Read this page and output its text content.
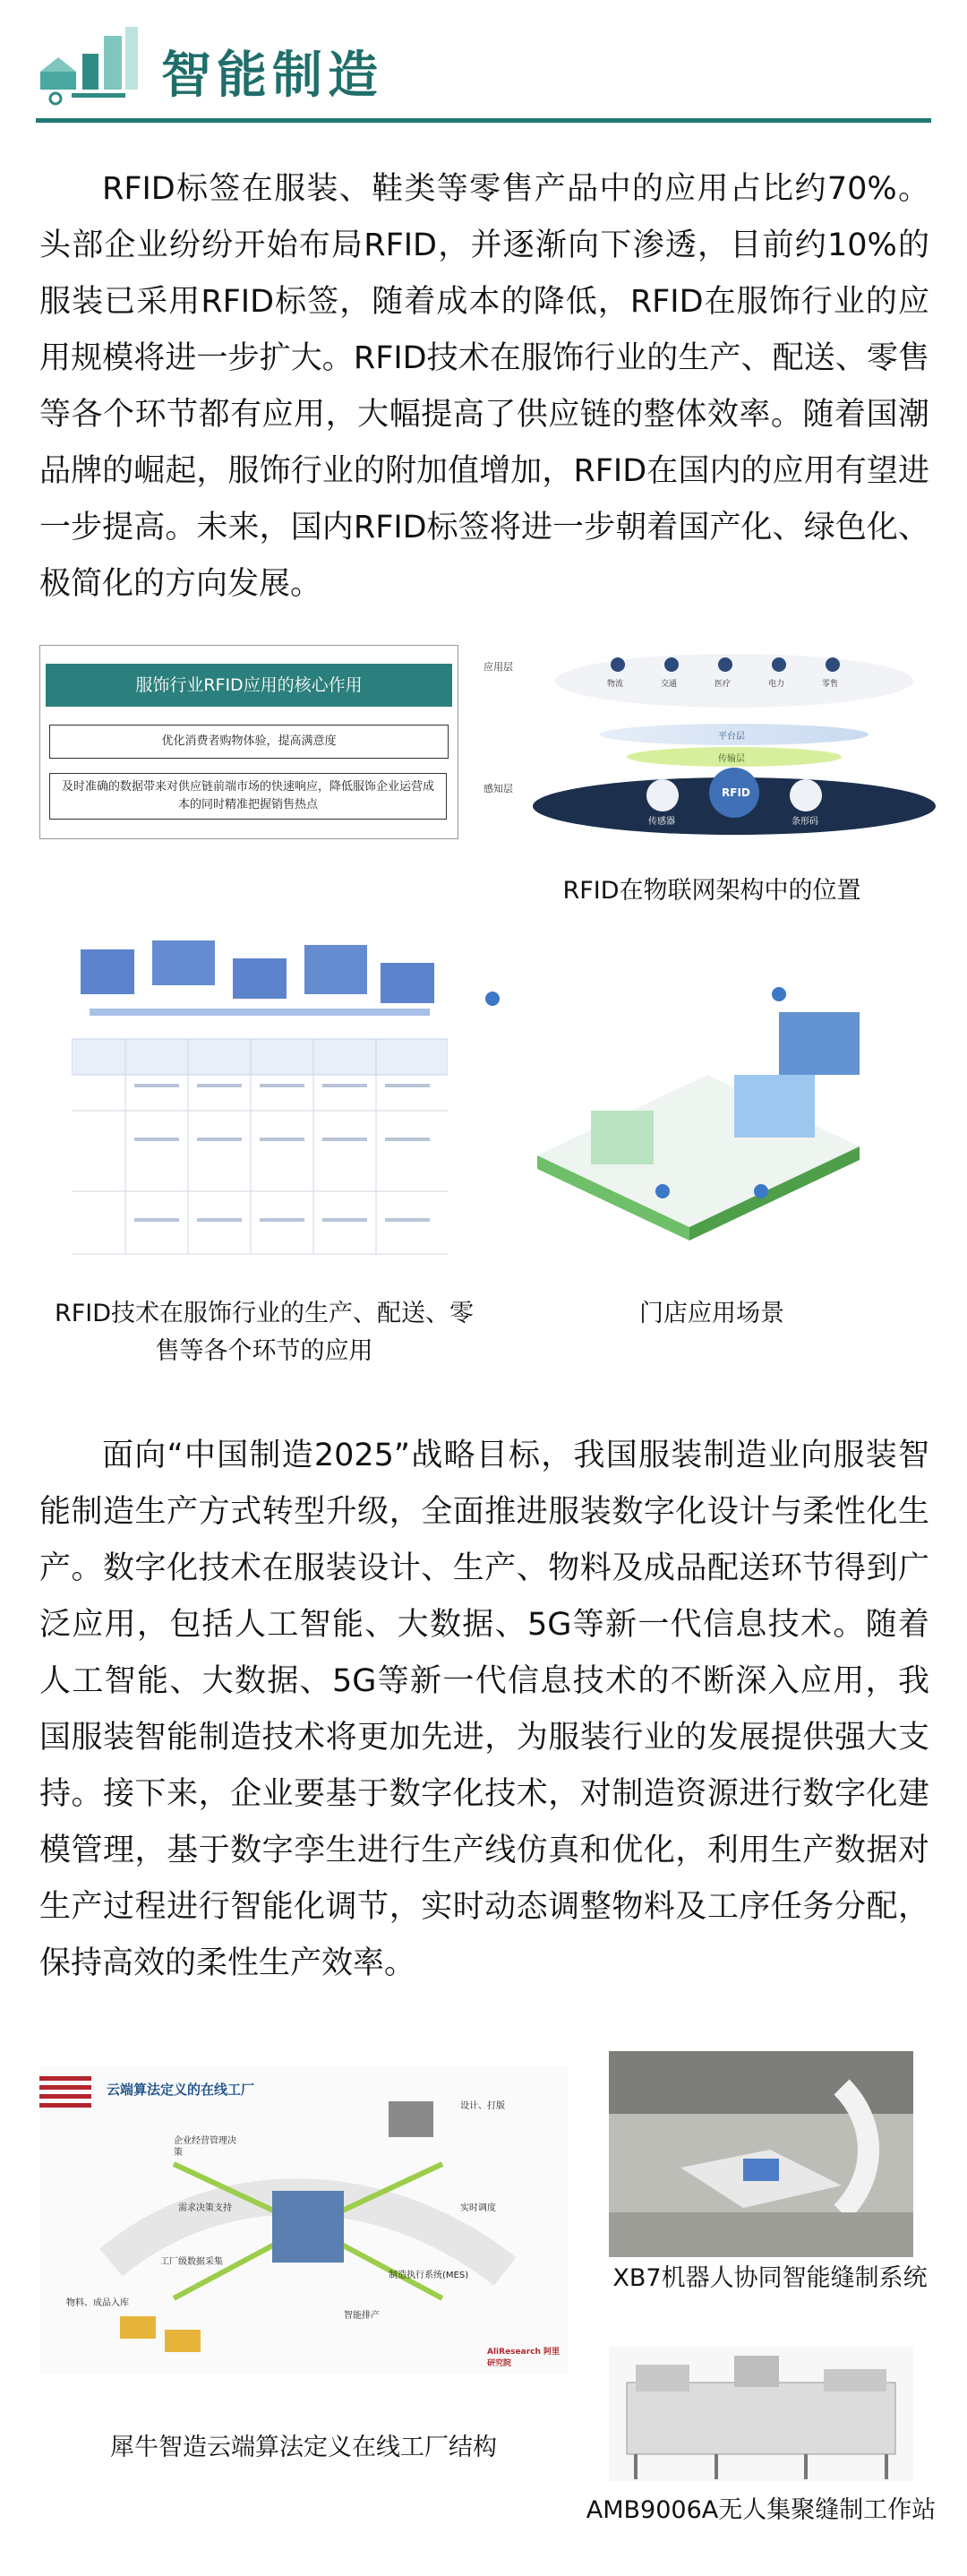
智能制造

RFID标签在服装、鞋类等零售产品中的应用占比约70%。头部企业纷纷开始布局RFID，并逐渐向下渗透，目前约10%的服装已采用RFID标签，随着成本的降低，RFID在服饰行业的应用规模将进一步扩大。RFID技术在服饰行业的生产、配送、零售等各个环节都有应用，大幅提高了供应链的整体效率。随着国潮品牌的崛起，服饰行业的附加值增加，RFID在国内的应用有望进一步提高。未来，国内RFID标签将进一步朝着国产化、绿色化、极简化的方向发展。

服饰行业RFID应用的核心作用
优化消费者购物体验，提高满意度
及时准确的数据带来对供应链前端市场的快速响应，降低服饰企业运营成本的同时精准把握销售热点
应用层
感知层
平台层
传输层
传感器
RFID
条形码
物流	交通	医疗	电力	零售
RFID在物联网架构中的位置
RFID技术在服饰行业的生产、配送、零售等各个环节的应用
门店应用场景

面向“中国制造2025”战略目标，我国服装制造业向服装智能制造生产方式转型升级，全面推进服装数字化设计与柔性化生产。数字化技术在服装设计、生产、物料及成品配送环节得到广泛应用，包括人工智能、大数据、5G等新一代信息技术。随着人工智能、大数据、5G等新一代信息技术的不断深入应用，我国服装智能制造技术将更加先进，为服装行业的发展提供强大支持。接下来，企业要基于数字化技术，对制造资源进行数字化建模管理，基于数字孪生进行生产线仿真和优化，利用生产数据对生产过程进行智能化调节，实时动态调整物料及工序任务分配，保持高效的柔性生产效率。

云端算法定义的在线工厂
企业经营管理决策
需求决策支持
工厂级数据采集
物料、成品入库
实时调度
设计、打版
制造执行系统(MES)
智能排产
AliResearch 阿里研究院
犀牛智造云端算法定义在线工厂结构
XB7机器人协同智能缝制系统
AMB9006A无人集聚缝制工作站
